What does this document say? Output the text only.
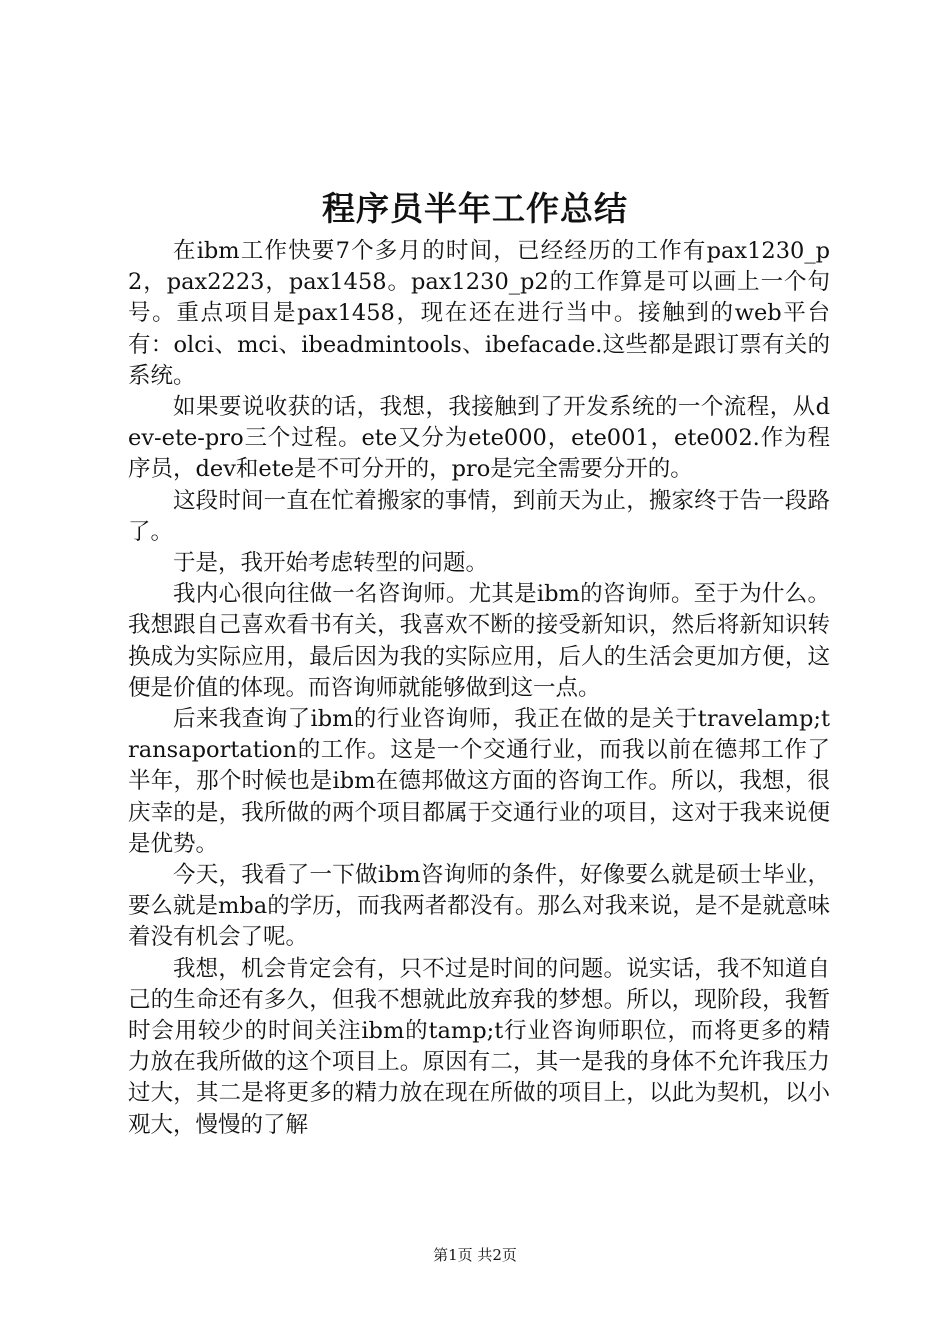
程序员半年工作总结

在ibm工作快要7个多月的时间，已经经历的工作有pax1230_p2，pax2223，pax1458。pax1230_p2的工作算是可以画上一个句号。重点项目是pax1458，现在还在进行当中。接触到的web平台有：olci、mci、ibeadmintools、ibefacade.这些都是跟订票有关的系统。

如果要说收获的话，我想，我接触到了开发系统的一个流程，从dev-ete-pro三个过程。ete又分为ete000，ete001，ete002.作为程序员，dev和ete是不可分开的，pro是完全需要分开的。

这段时间一直在忙着搬家的事情，到前天为止，搬家终于告一段路了。

于是，我开始考虑转型的问题。

我内心很向往做一名咨询师。尤其是ibm的咨询师。至于为什么。我想跟自己喜欢看书有关，我喜欢不断的接受新知识，然后将新知识转换成为实际应用，最后因为我的实际应用，后人的生活会更加方便，这便是价值的体现。而咨询师就能够做到这一点。

后来我查询了ibm的行业咨询师，我正在做的是关于travelamp;transaportation的工作。这是一个交通行业，而我以前在德邦工作了半年，那个时候也是ibm在德邦做这方面的咨询工作。所以，我想，很庆幸的是，我所做的两个项目都属于交通行业的项目，这对于我来说便是优势。

今天，我看了一下做ibm咨询师的条件，好像要么就是硕士毕业，要么就是mba的学历，而我两者都没有。那么对我来说，是不是就意味着没有机会了呢。

我想，机会肯定会有，只不过是时间的问题。说实话，我不知道自己的生命还有多久，但我不想就此放弃我的梦想。所以，现阶段，我暂时会用较少的时间关注ibm的tamp;t行业咨询师职位，而将更多的精力放在我所做的这个项目上。原因有二，其一是我的身体不允许我压力过大，其二是将更多的精力放在现在所做的项目上，以此为契机，以小观大，慢慢的了解

第1页 共2页
